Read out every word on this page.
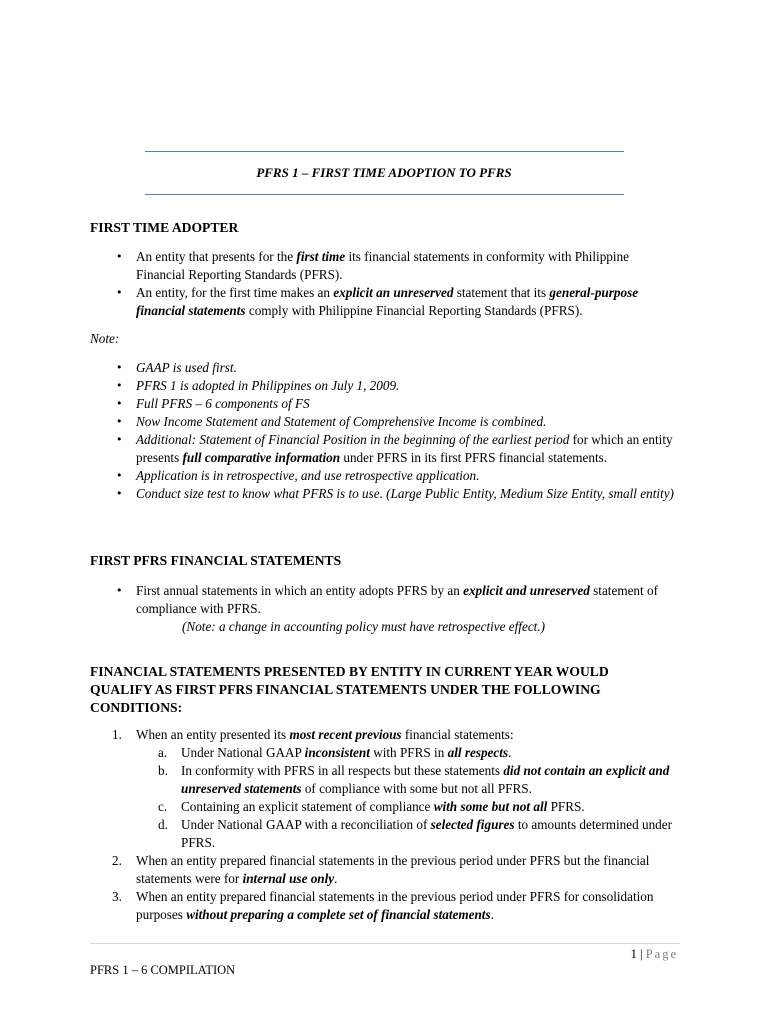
PFRS 1 – FIRST TIME ADOPTION TO PFRS
FIRST TIME ADOPTER
• An entity that presents for the first time its financial statements in conformity with Philippine Financial Reporting Standards (PFRS).
• An entity, for the first time makes an explicit an unreserved statement that its general-purpose financial statements comply with Philippine Financial Reporting Standards (PFRS).
Note:
• GAAP is used first.
• PFRS 1 is adopted in Philippines on July 1, 2009.
• Full PFRS – 6 components of FS
• Now Income Statement and Statement of Comprehensive Income is combined.
• Additional: Statement of Financial Position in the beginning of the earliest period for which an entity presents full comparative information under PFRS in its first PFRS financial statements.
• Application is in retrospective, and use retrospective application.
• Conduct size test to know what PFRS is to use. (Large Public Entity, Medium Size Entity, small entity)
FIRST PFRS FINANCIAL STATEMENTS
• First annual statements in which an entity adopts PFRS by an explicit and unreserved statement of compliance with PFRS.
(Note: a change in accounting policy must have retrospective effect.)
FINANCIAL STATEMENTS PRESENTED BY ENTITY IN CURRENT YEAR WOULD QUALIFY AS FIRST PFRS FINANCIAL STATEMENTS UNDER THE FOLLOWING CONDITIONS:
1. When an entity presented its most recent previous financial statements:
a. Under National GAAP inconsistent with PFRS in all respects.
b. In conformity with PFRS in all respects but these statements did not contain an explicit and unreserved statements of compliance with some but not all PFRS.
c. Containing an explicit statement of compliance with some but not all PFRS.
d. Under National GAAP with a reconciliation of selected figures to amounts determined under PFRS.
2. When an entity prepared financial statements in the previous period under PFRS but the financial statements were for internal use only.
3. When an entity prepared financial statements in the previous period under PFRS for consolidation purposes without preparing a complete set of financial statements.
1 | Page
PFRS 1 – 6 COMPILATION
